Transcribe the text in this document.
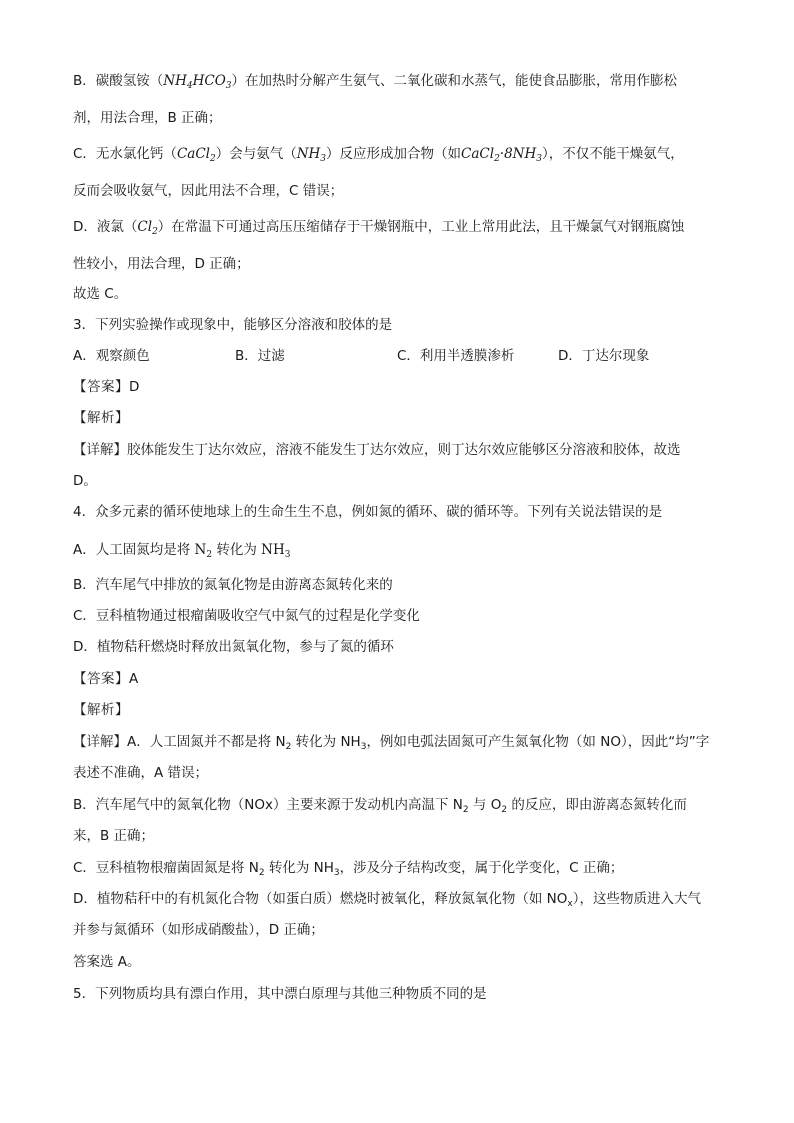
B．碳酸氢铵$(NH_4HCO_3)$在加热时分解产生氨气、二氧化碳和水蒸气，能使食品膨胀，常用作膨松
剂，用法合理，B 正确；
C．无水氯化钙（CaCl$_2$）会与氨气$(NH_3)$反应形成加合物（如$CaCl_2\cdot 8NH_3$），不仅不能干燥氨气，
反而会吸收氨气，因此用法不合理，C 错误；
D．液氯$(Cl_2)$在常温下可通过高压压缩储存于干燥钢瓶中，工业上常用此法，且干燥氯气对钢瓶腐蚀
性较小，用法合理，D 正确；
故选 C。
3．下列实验操作或现象中，能够区分溶液和胶体的是
A．观察颜色	B．过滤	C．利用半透膜渗析	D．丁达尔现象
【答案】D
【解析】
【详解】胶体能发生丁达尔效应，溶液不能发生丁达尔效应，则丁达尔效应能够区分溶液和胶体，故选
D。
4．众多元素的循环使地球上的生命生生不息，例如氮的循环、碳的循环等。下列有关说法错误的是
A．人工固氮均是将 $N_2$ 转化为 $NH_3$
B．汽车尾气中排放的氮氧化物是由游离态氮转化来的
C．豆科植物通过根瘤菌吸收空气中氮气的过程是化学变化
D．植物秸秆燃烧时释放出氮氧化物，参与了氮的循环
【答案】A
【解析】
【详解】A．人工固氮并不都是将 $N_2$ 转化为 $NH_3$，例如电弧法固氮可产生氮氧化物（如 NO），因此“均”字
表述不准确，A 错误；
B．汽车尾气中的氮氧化物（NOx）主要来源于发动机内高温下 $N_2$ 与 $O_2$ 的反应，即由游离态氮转化而
来，B 正确；
C．豆科植物根瘤菌固氮是将 $N_2$ 转化为 $NH_3$，涉及分子结构改变，属于化学变化，C 正确；
D．植物秸秆中的有机氮化合物（如蛋白质）燃烧时被氧化，释放氮氧化物（如 $NO_x$），这些物质进入大气
并参与氮循环（如形成硝酸盐），D 正确；
答案选 A。
5．下列物质均具有漂白作用，其中漂白原理与其他三种物质不同的是
